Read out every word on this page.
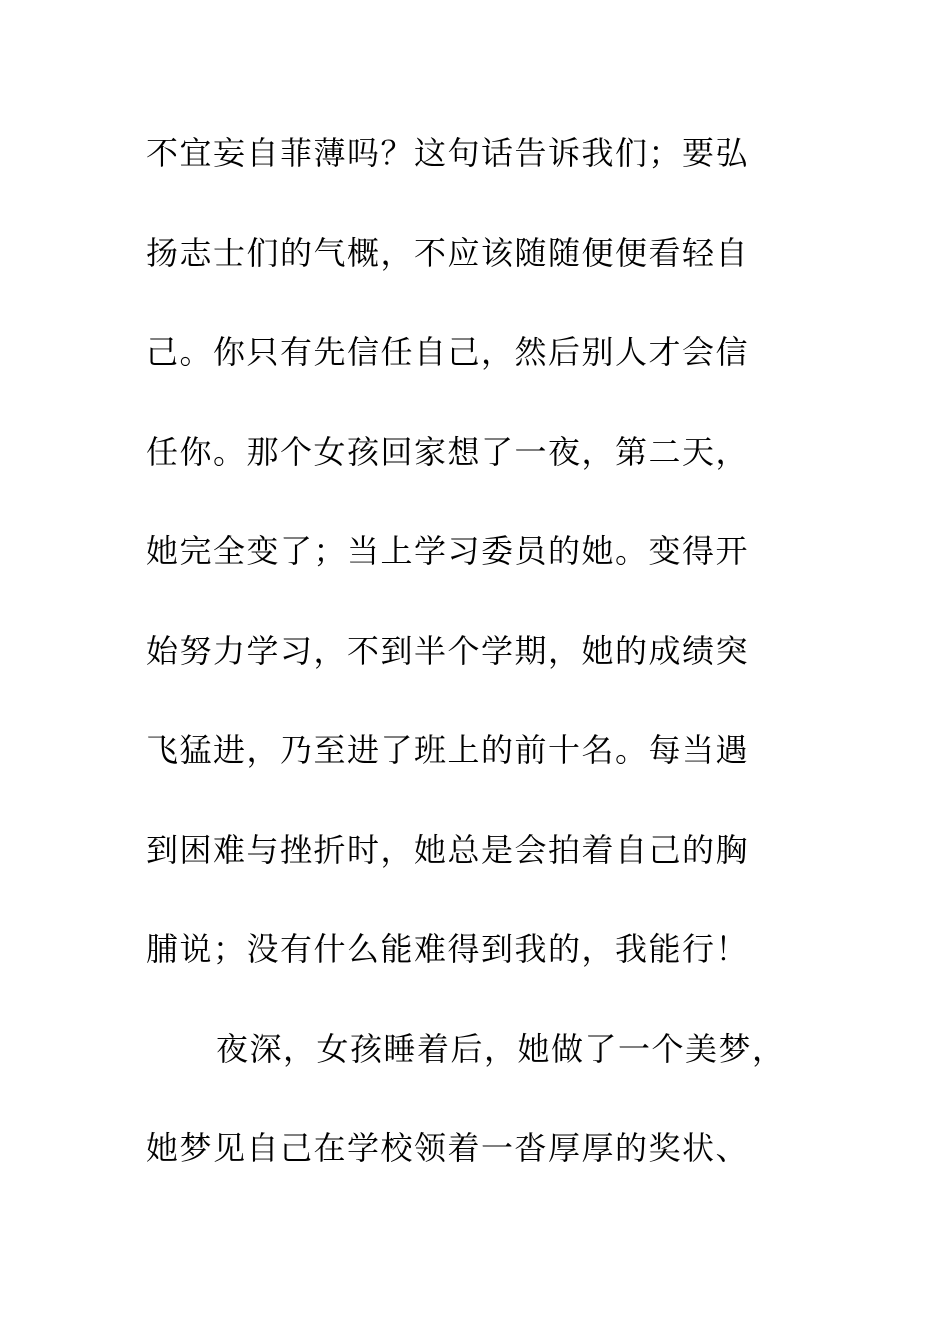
不宜妄自菲薄吗？这句话告诉我们；要弘
扬志士们的气概，不应该随随便便看轻自
己。你只有先信任自己，然后别人才会信
任你。那个女孩回家想了一夜，第二天，
她完全变了；当上学习委员的她。变得开
始努力学习，不到半个学期，她的成绩突
飞猛进，乃至进了班上的前十名。每当遇
到困难与挫折时，她总是会拍着自己的胸
脯说；没有什么能难得到我的，我能行！
夜深，女孩睡着后，她做了一个美梦，
她梦见自己在学校领着一沓厚厚的奖状、
